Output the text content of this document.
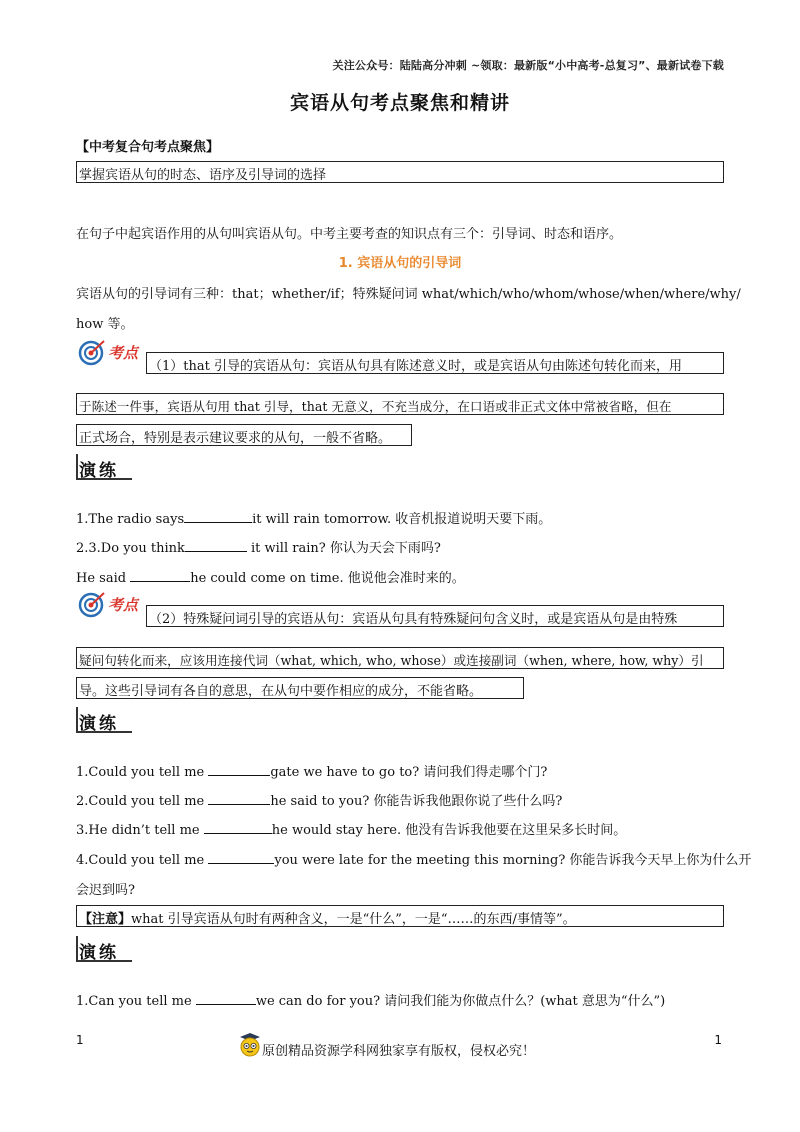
关注公众号：陆陆高分冲刺 ~领取：最新版“小中高考-总复习”、最新试卷下载
宾语从句考点聚焦和精讲
【中考复合句考点聚焦】
掌握宾语从句的时态、语序及引导词的选择
在句子中起宾语作用的从句叫宾语从句。中考主要考查的知识点有三个：引导词、时态和语序。
1. 宾语从句的引导词
宾语从句的引导词有三种：that；whether/if；特殊疑问词 what/which/who/whom/whose/when/where/why/
how 等。
考点
（1）that 引导的宾语从句：宾语从句具有陈述意义时，或是宾语从句由陈述句转化而来，用
于陈述一件事，宾语从句用 that 引导，that 无意义，不充当成分，在口语或非正式文体中常被省略，但在
正式场合，特别是表示建议要求的从句，一般不省略。
演练
1.The radio says	it will rain tomorrow. 收音机报道说明天要下雨。
2.3.Do you think	it will rain? 你认为天会下雨吗?
He said	he could come on time. 他说他会准时来的。
考点
（2）特殊疑问词引导的宾语从句：宾语从句具有特殊疑问句含义时，或是宾语从句是由特殊
疑问句转化而来，应该用连接代词（what, which, who, whose）或连接副词（when, where, how, why）引
导。这些引导词有各自的意思，在从句中要作相应的成分，不能省略。
演练
1.Could you tell me	gate we have to go to? 请问我们得走哪个门?
2.Could you tell me	he said to you? 你能告诉我他跟你说了些什么吗?
3.He didn’t tell me	he would stay here. 他没有告诉我他要在这里呆多长时间。
4.Could you tell me	you were late for the meeting this morning? 你能告诉我今天早上你为什么开
会迟到吗?
【注意】what 引导宾语从句时有两种含义，一是“什么”，一是“……的东西/事情等”。
演练
1.Can you tell me	we can do for you? 请问我们能为你做点什么？(what 意思为“什么”)
1	1
原创精品资源学科网独家享有版权，侵权必究！
